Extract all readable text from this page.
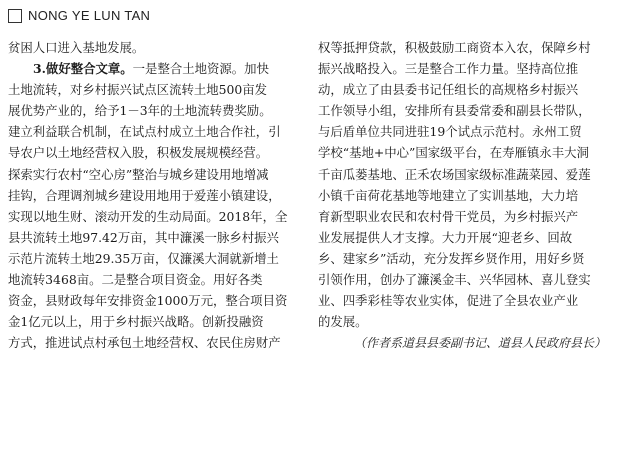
NONG YE LUN TAN
贫困人口进入基地发展。
3.做好整合文章。一是整合土地资源。加快
土地流转，对乡村振兴试点区流转土地500亩发
展优势产业的，给予1－3年的土地流转费奖励。
建立利益联合机制，在试点村成立土地合作社，引
导农户以土地经营权入股，积极发展规模经营。
探索实行农村“空心房”整治与城乡建设用地增减
挂钩，合理调剂城乡建设用地用于爱莲小镇建设，
实现以地生财、滚动开发的生动局面。2018年，全
县共流转土地97.42万亩，其中濂溪一脉乡村振兴
示范片流转土地29.35万亩，仅濂溪大洞就新增土
地流转3468亩。二是整合项目资金。用好各类
资金，县财政每年安排资金1000万元，整合项目资
金1亿元以上，用于乡村振兴战略。创新投融资
方式，推进试点村承包土地经营权、农民住房财产
权等抵押贷款，积极鼓励工商资本入农，保障乡村
振兴战略投入。三是整合工作力量。坚持高位推
动，成立了由县委书记任组长的高规格乡村振兴
工作领导小组，安排所有县委常委和副县长带队，
与后盾单位共同进驻19个试点示范村。永州工贸
学校“基地+中心”国家级平台，在寿雁镇永丰大洞
千亩瓜蒌基地、正禾农场国家级标准蔬菜园、爱莲
小镇千亩荷花基地等地建立了实训基地，大力培
育新型职业农民和农村骨干党员，为乡村振兴产
业发展提供人才支撑。大力开展“迎老乡、回故
乡、建家乡”活动，充分发挥乡贤作用，用好乡贤
引领作用，创办了濂溪金丰、兴华园林、喜儿登实
业、四季彩桂等农业实体，促进了全县农业产业
的发展。
（作者系道县县委副书记、道县人民政府县长）
